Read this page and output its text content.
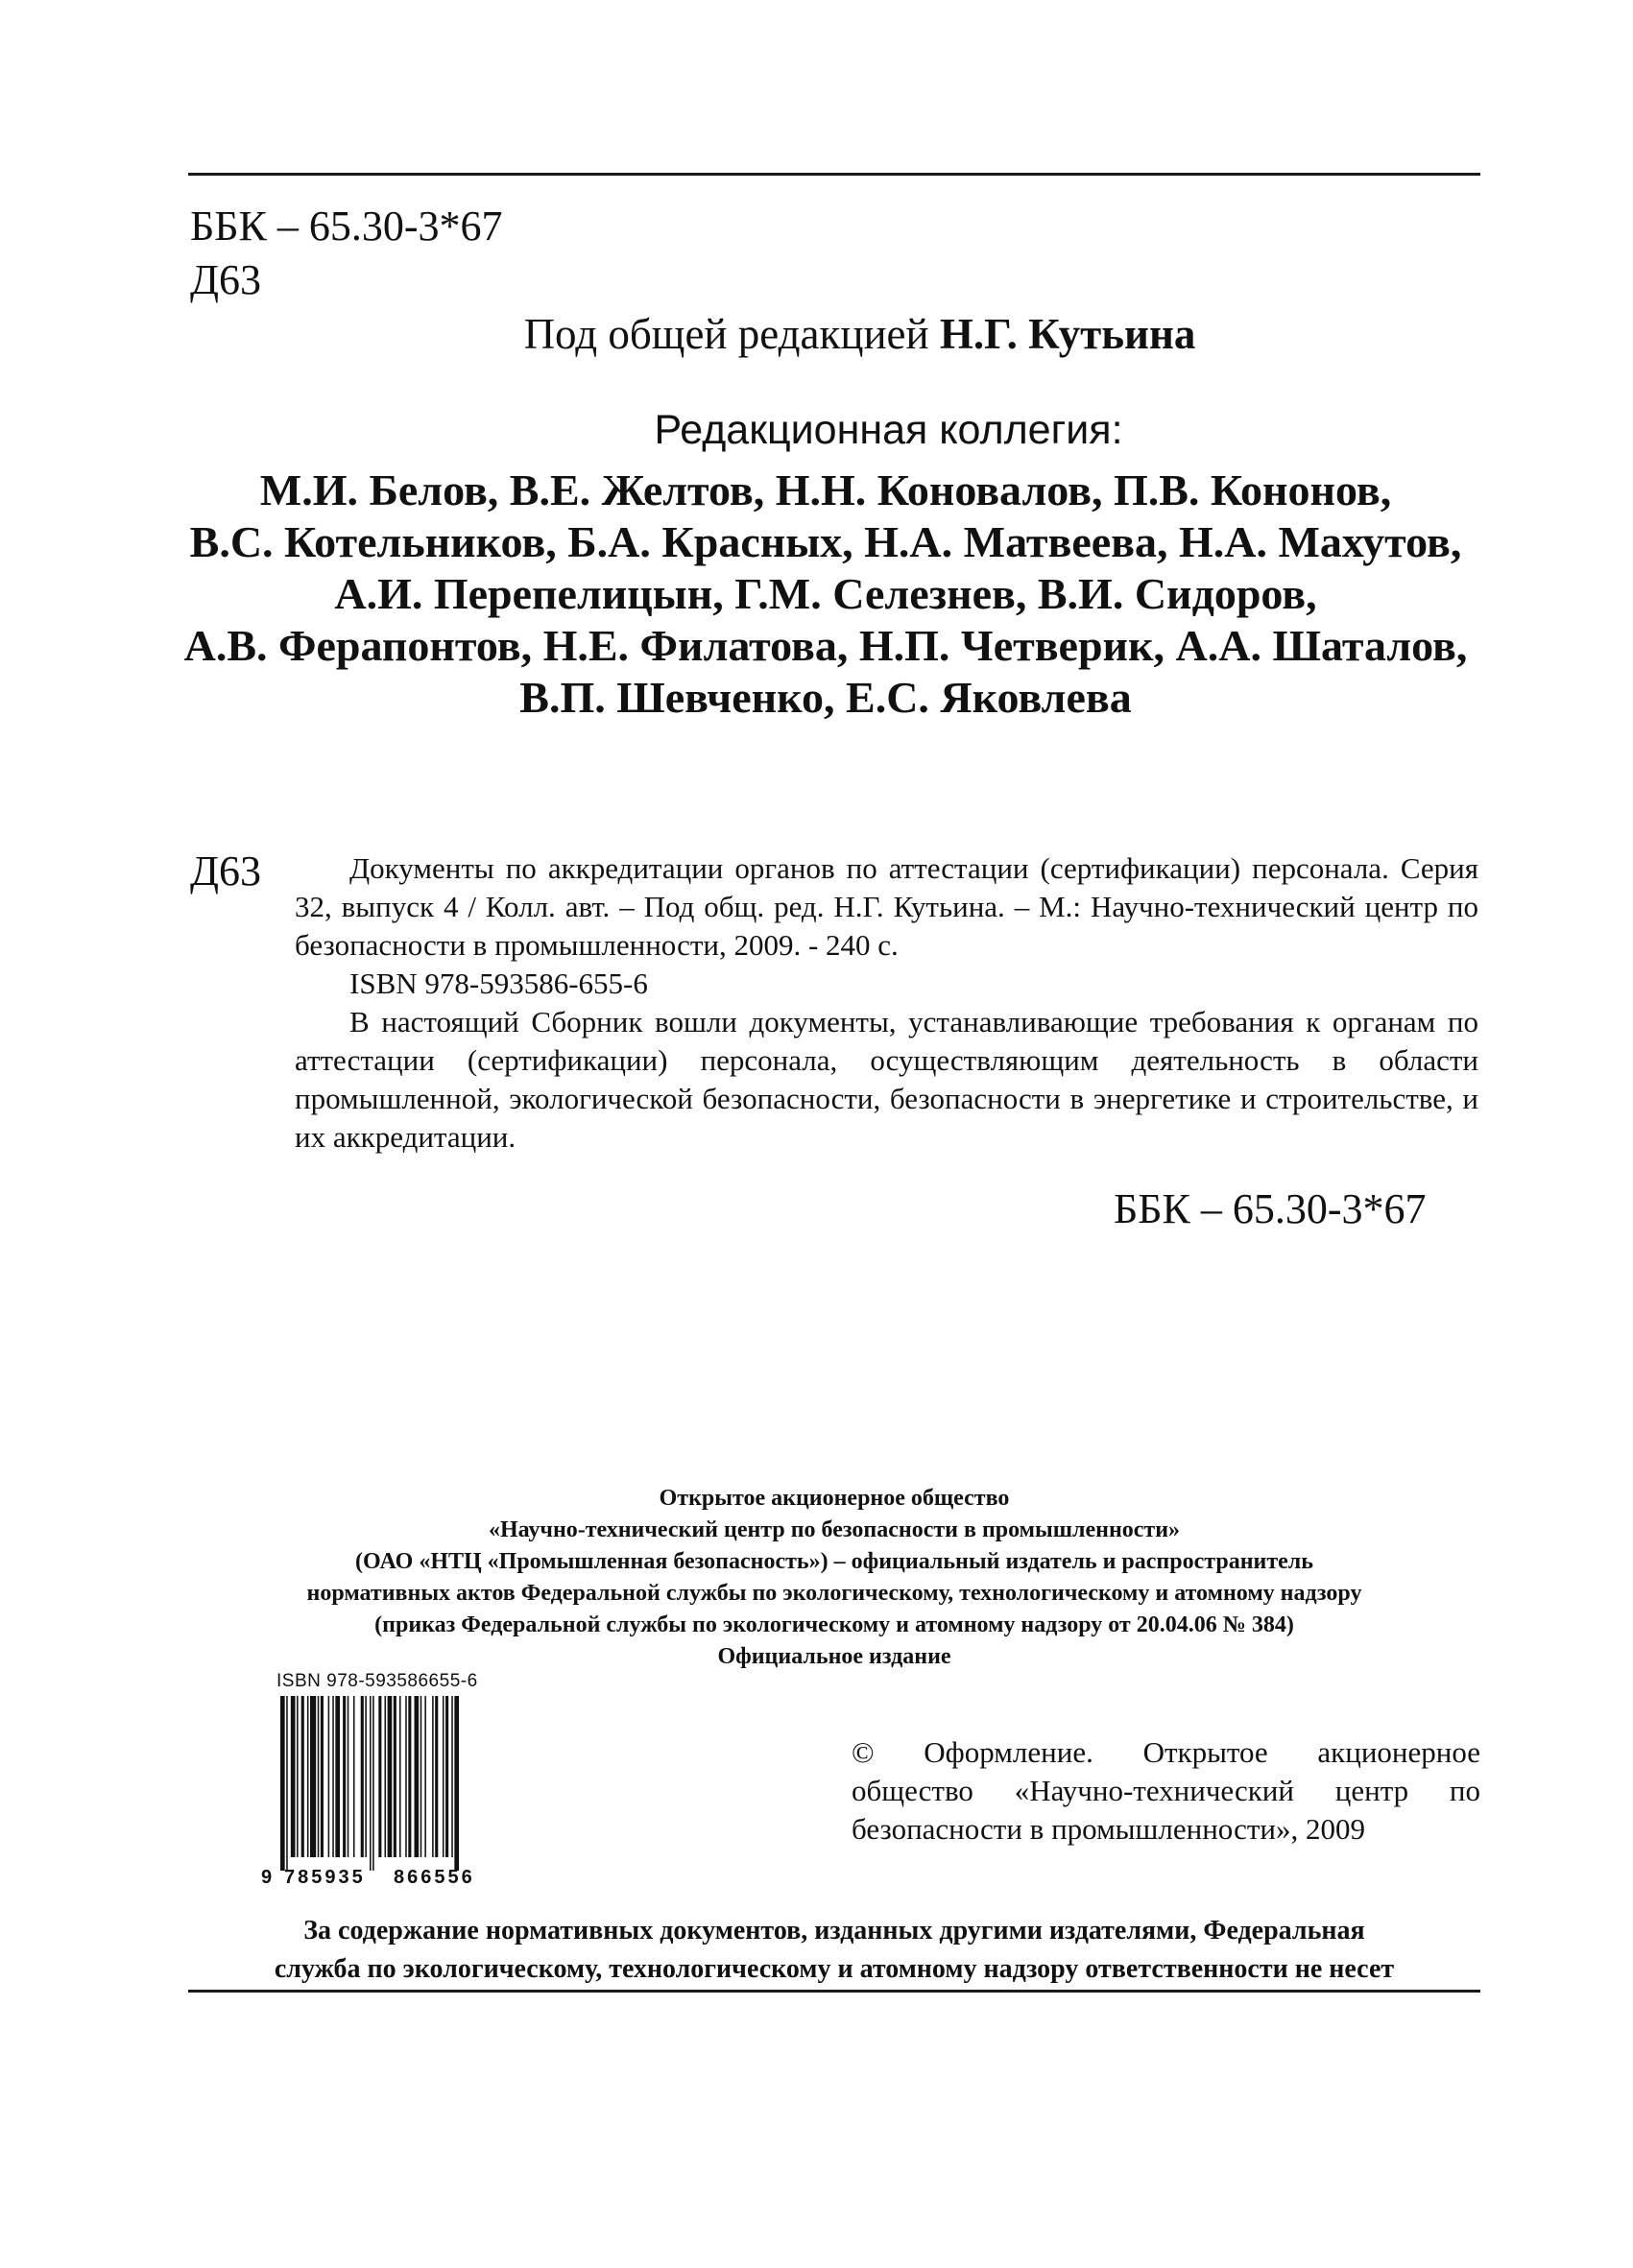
ББК – 65.30-3*67
Д63
Под общей редакцией Н.Г. Кутьина
Редакционная коллегия:
М.И. Белов, В.Е. Желтов, Н.Н. Коновалов, П.В. Кононов,
В.С. Котельников, Б.А. Красных, Н.А. Матвеева, Н.А. Махутов,
А.И. Перепелицын, Г.М. Селезнев, В.И. Сидоров,
А.В. Ферапонтов, Н.Е. Филатова, Н.П. Четверик, А.А. Шаталов,
В.П. Шевченко, Е.С. Яковлева
Д63	Документы по аккредитации органов по аттестации (сертификации) персонала. Серия 32, выпуск 4 / Колл. авт. – Под общ. ред. Н.Г. Кутьина. – М.: Научно-технический центр по безопасности в промышленности, 2009. - 240 с.

ISBN 978-593586-655-6

В настоящий Сборник вошли документы, устанавливающие требования к органам по аттестации (сертификации) персонала, осуществляющим деятельность в области промышленной, экологической безопасности, безопасности в энергетике и строительстве, и их аккредитации.

ББК – 65.30-3*67
Открытое акционерное общество
«Научно-технический центр по безопасности в промышленности»
(ОАО «НТЦ «Промышленная безопасность») – официальный издатель и распространитель
нормативных актов Федеральной службы по экологическому, технологическому и атомному надзору
(приказ Федеральной службы по экологическому и атомному надзору от 20.04.06 № 384)
Официальное издание
ISBN 978-593586655-6
9 785935 866556

© Оформление. Открытое акционерное общество «Научно-технический центр по безопасности в промышленности», 2009

За содержание нормативных документов, изданных другими издателями, Федеральная
служба по экологическому, технологическому и атомному надзору ответственности не несет
